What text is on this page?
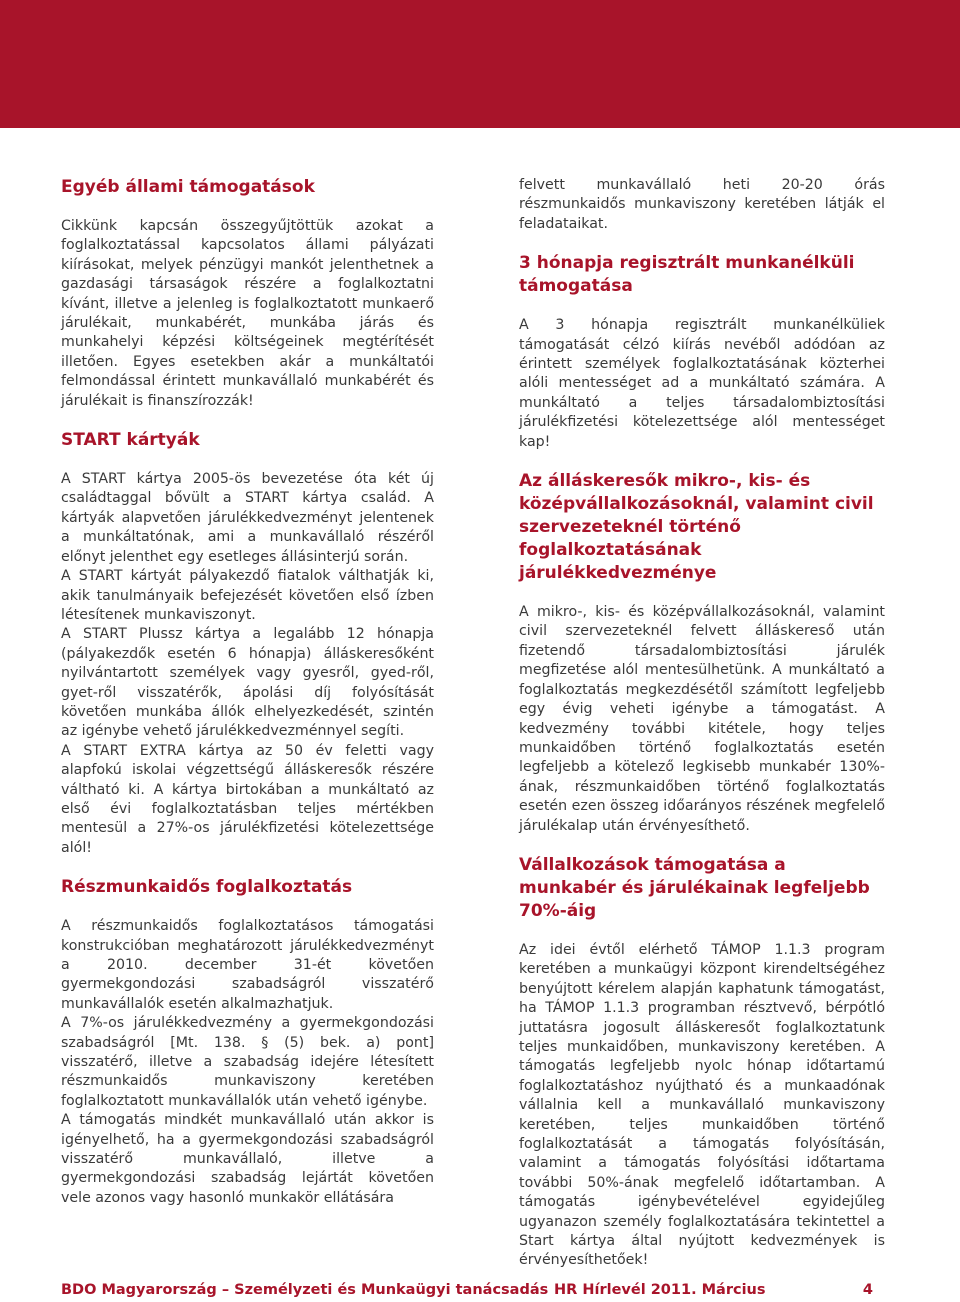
Egyéb állami támogatások

Cikkünk kapcsán összegyűjtöttük azokat a foglalkoztatással kapcsolatos állami pályázati kiírásokat, melyek pénzügyi mankót jelenthetnek a gazdasági társaságok részére a foglalkoztatni kívánt, illetve a jelenleg is foglalkoztatott munkaerő járulékait, munkabérét, munkába járás és munkahelyi képzési költségeinek megtérítését illetően. Egyes esetekben akár a munkáltatói felmondással érintett munkavállaló munkabérét és járulékait is finanszírozzák!

START kártyák

A START kártya 2005-ös bevezetése óta két új családtaggal bővült a START kártya család. A kártyák alapvetően járulékkedvezményt jelentenek a munkáltatónak, ami a munkavállaló részéről előnyt jelenthet egy esetleges állásinterjú során.

A START kártyát pályakezdő fiatalok válthatják ki, akik tanulmányaik befejezését követően első ízben létesítenek munkaviszonyt.

A START Plussz kártya a legalább 12 hónapja (pályakezdők esetén 6 hónapja) álláskeresőként nyilvántartott személyek vagy gyesről, gyed-ről, gyet-ről visszatérők, ápolási díj folyósítását követően munkába állók elhelyezkedését, szintén az igénybe vehető járulékkedvezménnyel segíti.

A START EXTRA kártya az 50 év feletti vagy alapfokú iskolai végzettségű álláskeresők részére váltható ki. A kártya birtokában a munkáltató az első évi foglalkoztatásban teljes mértékben mentesül a 27%-os járulékfizetési kötelezettsége alól!

Részmunkaidős foglalkoztatás

A részmunkaidős foglalkoztatásos támogatási konstrukcióban meghatározott járulékkedvezményt a 2010. december 31-ét követően gyermekgondozási szabadságról visszatérő munkavállalók esetén alkalmazhatjuk.

A 7%-os járulékkedvezmény a gyermekgondozási szabadságról [Mt. 138. § (5) bek. a) pont] visszatérő, illetve a szabadság idejére létesített részmunkaidős munkaviszony keretében foglalkoztatott munkavállalók után vehető igénybe.

A támogatás mindkét munkavállaló után akkor is igényelhető, ha a gyermekgondozási szabadságról visszatérő munkavállaló, illetve a gyermekgondozási szabadság lejártát követően vele azonos vagy hasonló munkakör ellátására

felvett munkavállaló heti 20-20 órás részmunkaidős munkaviszony keretében látják el feladataikat.

3 hónapja regisztrált munkanélküli támogatása

A 3 hónapja regisztrált munkanélküliek támogatását célzó kiírás nevéből adódóan az érintett személyek foglalkoztatásának közterhei alóli mentességet ad a munkáltató számára. A munkáltató a teljes társadalombiztosítási járulékfizetési kötelezettsége alól mentességet kap!

Az álláskeresők mikro-, kis- és középvállalkozásoknál, valamint civil szervezeteknél történő foglalkoztatásának járulékkedvezménye

A mikro-, kis- és középvállalkozásoknál, valamint civil szervezeteknél felvett álláskereső után fizetendő társadalombiztosítási járulék megfizetése alól mentesülhetünk. A munkáltató a foglalkoztatás megkezdésétől számított legfeljebb egy évig veheti igénybe a támogatást. A kedvezmény további kitétele, hogy teljes munkaidőben történő foglalkoztatás esetén legfeljebb a kötelező legkisebb munkabér 130%-ának, részmunkaidőben történő foglalkoztatás esetén ezen összeg időarányos részének megfelelő járulékalap után érvényesíthető.

Vállalkozások támogatása a munkabér és járulékainak legfeljebb 70%-áig

Az idei évtől elérhető TÁMOP 1.1.3 program keretében a munkaügyi központ kirendeltségéhez benyújtott kérelem alapján kaphatunk támogatást, ha TÁMOP 1.1.3 programban résztvevő, bérpótló juttatásra jogosult álláskeresőt foglalkoztatunk teljes munkaidőben, munkaviszony keretében. A támogatás legfeljebb nyolc hónap időtartamú foglalkoztatáshoz nyújtható és a munkaadónak vállalnia kell a munkavállaló munkaviszony keretében, teljes munkaidőben történő foglalkoztatását a támogatás folyósításán, valamint a támogatás folyósítási időtartama további 50%-ának megfelelő időtartamban. A támogatás igénybevételével egyidejűleg ugyanazon személy foglalkoztatására tekintettel a Start kártya által nyújtott kedvezmények is érvényesíthetőek!

BDO Magyarország – Személyzeti és Munkaügyi tanácsadás HR Hírlevél 2011. Március	4
